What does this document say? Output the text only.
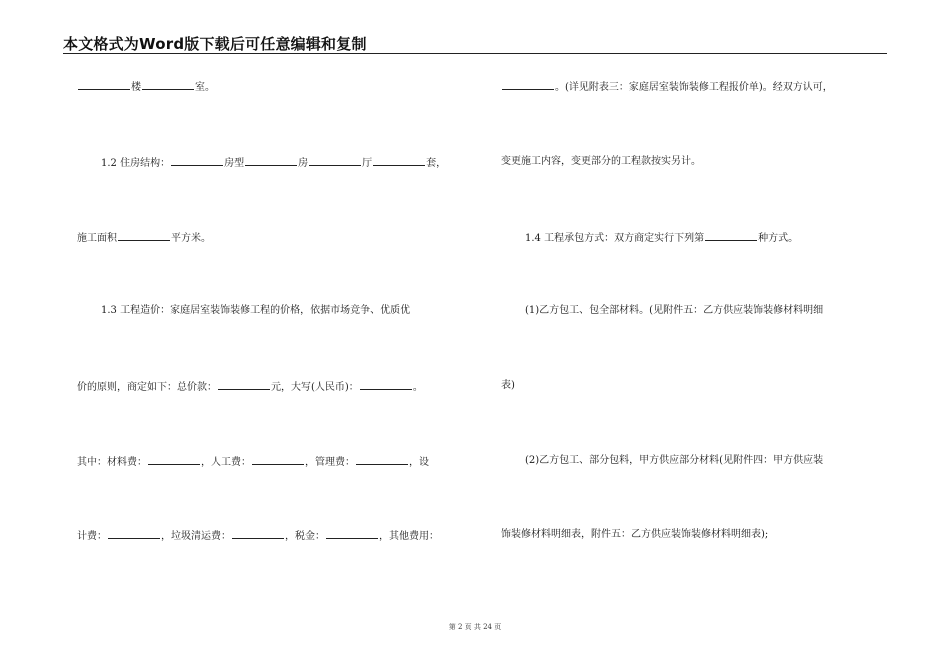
本文格式为Word版下载后可任意编辑和复制
楼	室。
1.2 住房结构：	房型	房	厅	套，
施工面积	平方米。
1.3 工程造价：家庭居室装饰装修工程的价格，依据市场竞争、优质优
价的原则，商定如下：总价款：	元，大写(人民币)：	。
其中：材料费：	，人工费：	，管理费：	，设
计费：	，垃圾清运费：	，税金：	，其他费用：
。(详见附表三：家庭居室装饰装修工程报价单)。经双方认可，
变更施工内容，变更部分的工程款按实另计。
1.4 工程承包方式：双方商定实行下列第	种方式。
(1)乙方包工、包全部材料。(见附件五：乙方供应装饰装修材料明细
表)
(2)乙方包工、部分包料，甲方供应部分材料(见附件四：甲方供应装
饰装修材料明细表，附件五：乙方供应装饰装修材料明细表);
第 2 页 共 24 页
